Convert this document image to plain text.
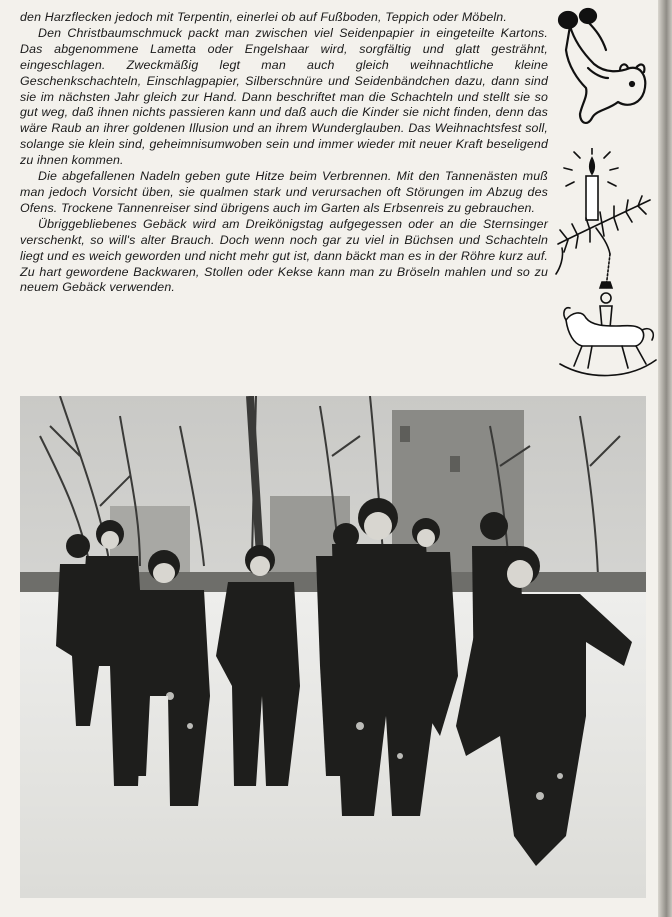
den Harzflecken jedoch mit Terpentin, einerlei ob auf Fußboden, Teppich oder Möbeln.

Den Christbaumschmuck packt man zwischen viel Seidenpapier in eingeteilte Kartons. Das abgenommene Lametta oder Engelshaar wird, sorgfältig und glatt gesträhnt, eingeschlagen. Zweckmäßig legt man auch gleich weihnachtliche kleine Geschenkschachteln, Einschlagpapier, Silberschnüre und Seidenbändchen dazu, dann sind sie im nächsten Jahr gleich zur Hand. Dann beschriftet man die Schachteln und stellt sie so gut weg, daß ihnen nichts passieren kann und daß auch die Kinder sie nicht finden, denn das wäre Raub an ihrer goldenen Illusion und an ihrem Wunderglauben. Das Weihnachtsfest soll, solange sie klein sind, geheimnisumwoben sein und immer wieder mit neuer Kraft beseligend zu ihnen kommen.

Die abgefallenen Nadeln geben gute Hitze beim Verbrennen. Mit den Tannenästen muß man jedoch Vorsicht üben, sie qualmen stark und verursachen oft Störungen im Abzug des Ofens. Trockene Tannenreiser sind übrigens auch im Garten als Erbsenreis zu gebrauchen.

Übriggebliebenes Gebäck wird am Dreikönigstag aufgegessen oder an die Sternsinger verschenkt, so will's alter Brauch. Doch wenn noch gar zu viel in Büchsen und Schachteln liegt und es weich geworden und nicht mehr gut ist, dann bäckt man es in der Röhre kurz auf. Zu hart gewordene Backwaren, Stollen oder Kekse kann man zu Bröseln mahlen und so zu neuem Gebäck verwenden.
